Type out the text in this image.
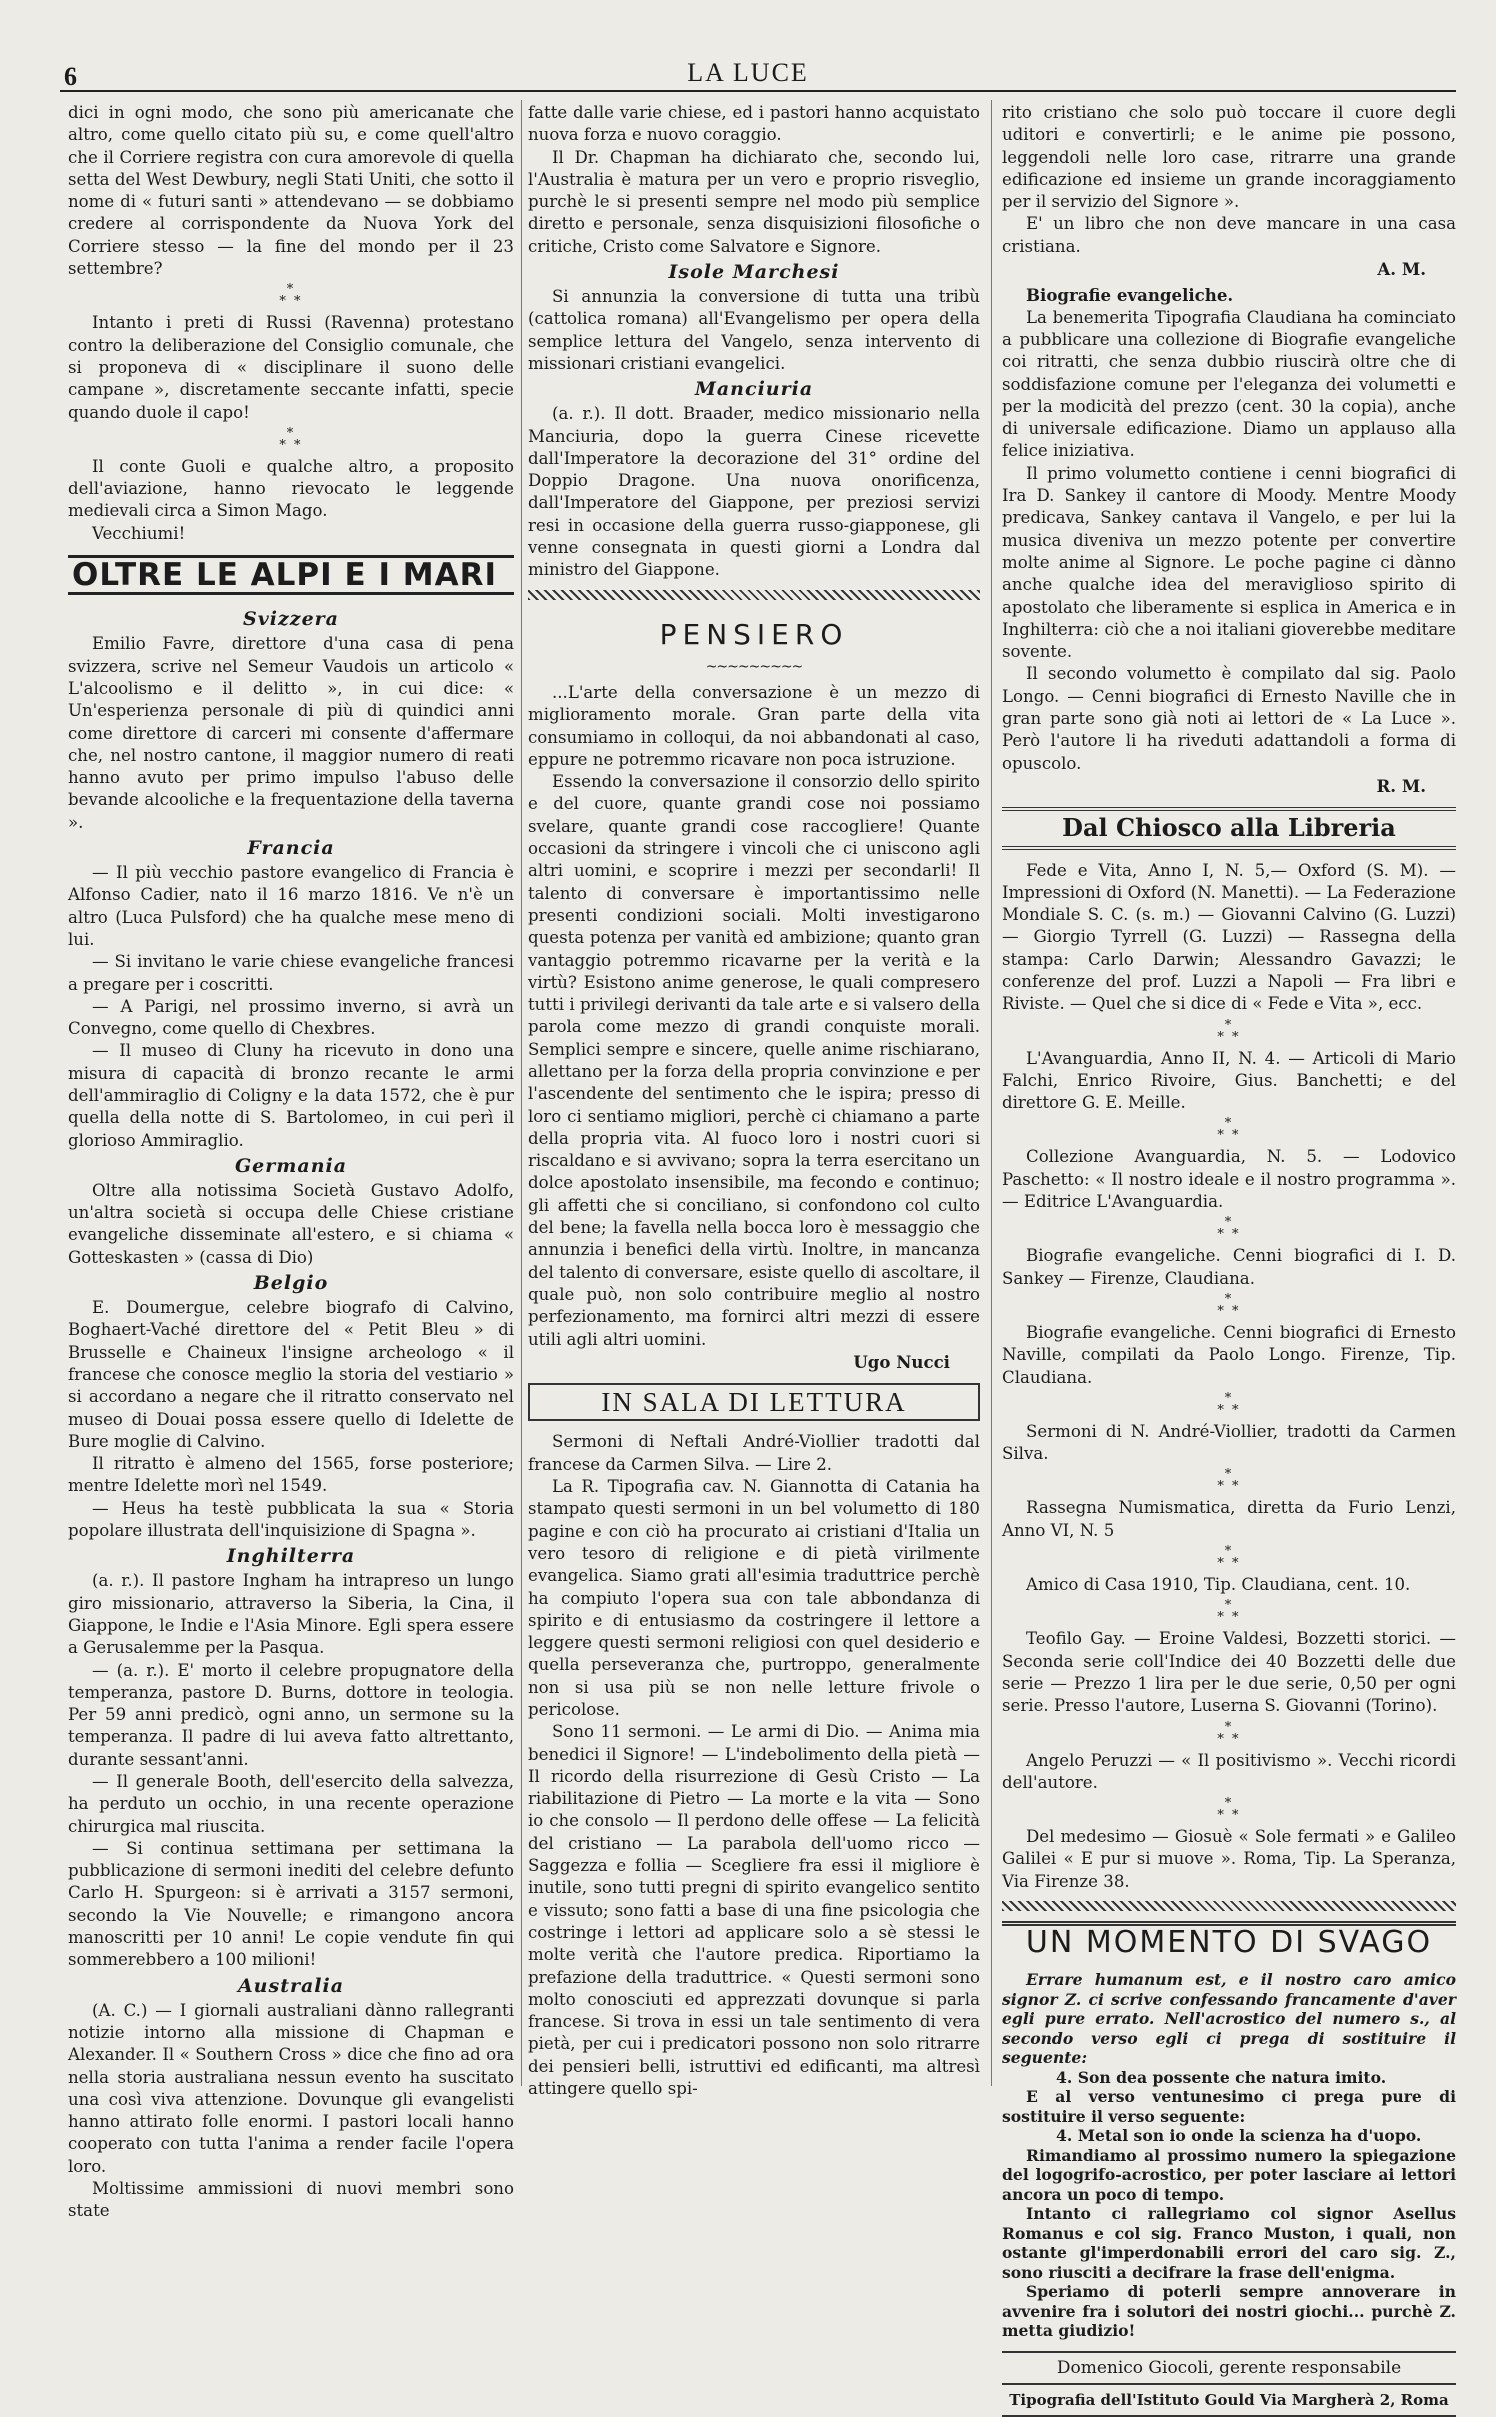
6	LA LUCE

dici in ogni modo, che sono più americanate che altro, come quello citato più su, e come quell'altro che il Corriere registra con cura amorevole di quella setta del West Dewbury, negli Stati Uniti, che sotto il nome di « futuri santi » attendevano — se dobbiamo credere al corrispondente da Nuova York del Corriere stesso — la fine del mondo per il 23 settembre?

*
* *

Intanto i preti di Russi (Ravenna) protestano contro la deliberazione del Consiglio comunale, che si proponeva di « disciplinare il suono delle campane », discretamente seccante infatti, specie quando duole il capo!

*
* *

Il conte Guoli e qualche altro, a proposito dell'aviazione, hanno rievocato le leggende medievali circa a Simon Mago.

Vecchiumi!

OLTRE LE ALPI E I MARI
Svizzera

Emilio Favre, direttore d'una casa di pena svizzera, scrive nel Semeur Vaudois un articolo « L'alcoolismo e il delitto », in cui dice: « Un'esperienza personale di più di quindici anni come direttore di carceri mi consente d'affermare che, nel nostro cantone, il maggior numero di reati hanno avuto per primo impulso l'abuso delle bevande alcooliche e la frequentazione della taverna ».

Francia

— Il più vecchio pastore evangelico di Francia è Alfonso Cadier, nato il 16 marzo 1816. Ve n'è un altro (Luca Pulsford) che ha qualche mese meno di lui.

— Si invitano le varie chiese evangeliche francesi a pregare per i coscritti.

— A Parigi, nel prossimo inverno, si avrà un Convegno, come quello di Chexbres.

— Il museo di Cluny ha ricevuto in dono una misura di capacità di bronzo recante le armi dell'ammiraglio di Coligny e la data 1572, che è pur quella della notte di S. Bartolomeo, in cui perì il glorioso Ammiraglio.

Germania

Oltre alla notissima Società Gustavo Adolfo, un'altra società si occupa delle Chiese cristiane evangeliche disseminate all'estero, e si chiama « Gotteskasten » (cassa di Dio)

Belgio

E. Doumergue, celebre biografo di Calvino, Boghaert-Vaché direttore del « Petit Bleu » di Brusselle e Chaineux l'insigne archeologo « il francese che conosce meglio la storia del vestiario » si accordano a negare che il ritratto conservato nel museo di Douai possa essere quello di Idelette de Bure moglie di Calvino.

Il ritratto è almeno del 1565, forse posteriore; mentre Idelette morì nel 1549.

— Heus ha testè pubblicata la sua « Storia popolare illustrata dell'inquisizione di Spagna ».

Inghilterra

(a. r.). Il pastore Ingham ha intrapreso un lungo giro missionario, attraverso la Siberia, la Cina, il Giappone, le Indie e l'Asia Minore. Egli spera essere a Gerusalemme per la Pasqua.

— (a. r.). E' morto il celebre propugnatore della temperanza, pastore D. Burns, dottore in teologia. Per 59 anni predicò, ogni anno, un sermone su la temperanza. Il padre di lui aveva fatto altrettanto, durante sessant'anni.

— Il generale Booth, dell'esercito della salvezza, ha perduto un occhio, in una recente operazione chirurgica mal riuscita.

— Si continua settimana per settimana la pubblicazione di sermoni inediti del celebre defunto Carlo H. Spurgeon: si è arrivati a 3157 sermoni, secondo la Vie Nouvelle; e rimangono ancora manoscritti per 10 anni! Le copie vendute fin qui sommerebbero a 100 milioni!

Australia

(A. C.) — I giornali australiani dànno rallegranti notizie intorno alla missione di Chapman e Alexander. Il « Southern Cross » dice che fino ad ora nella storia australiana nessun evento ha suscitato una così viva attenzione. Dovunque gli evangelisti hanno attirato folle enormi. I pastori locali hanno cooperato con tutta l'anima a render facile l'opera loro.

Moltissime ammissioni di nuovi membri sono state

fatte dalle varie chiese, ed i pastori hanno acquistato nuova forza e nuovo coraggio.

Il Dr. Chapman ha dichiarato che, secondo lui, l'Australia è matura per un vero e proprio risveglio, purchè le si presenti sempre nel modo più semplice diretto e personale, senza disquisizioni filosofiche o critiche, Cristo come Salvatore e Signore.

Isole Marchesi

Si annunzia la conversione di tutta una tribù (cattolica romana) all'Evangelismo per opera della semplice lettura del Vangelo, senza intervento di missionari cristiani evangelici.

Manciuria

(a. r.). Il dott. Braader, medico missionario nella Manciuria, dopo la guerra Cinese ricevette dall'Imperatore la decorazione del 31° ordine del Doppio Dragone. Una nuova onorificenza, dall'Imperatore del Giappone, per preziosi servizi resi in occasione della guerra russo-giapponese, gli venne consegnata in questi giorni a Londra dal ministro del Giappone.

PENSIERO
~~~~~~~~~

...L'arte della conversazione è un mezzo di miglioramento morale. Gran parte della vita consumiamo in colloqui, da noi abbandonati al caso, eppure ne potremmo ricavare non poca istruzione.

Essendo la conversazione il consorzio dello spirito e del cuore, quante grandi cose noi possiamo svelare, quante grandi cose raccogliere! Quante occasioni da stringere i vincoli che ci uniscono agli altri uomini, e scoprire i mezzi per secondarli! Il talento di conversare è importantissimo nelle presenti condizioni sociali. Molti investigarono questa potenza per vanità ed ambizione; quanto gran vantaggio potremmo ricavarne per la verità e la virtù? Esistono anime generose, le quali compresero tutti i privilegi derivanti da tale arte e si valsero della parola come mezzo di grandi conquiste morali. Semplici sempre e sincere, quelle anime rischiarano, allettano per la forza della propria convinzione e per l'ascendente del sentimento che le ispira; presso di loro ci sentiamo migliori, perchè ci chiamano a parte della propria vita. Al fuoco loro i nostri cuori si riscaldano e si avvivano; sopra la terra esercitano un dolce apostolato insensibile, ma fecondo e continuo; gli affetti che si conciliano, si confondono col culto del bene; la favella nella bocca loro è messaggio che annunzia i benefici della virtù. Inoltre, in mancanza del talento di conversare, esiste quello di ascoltare, il quale può, non solo contribuire meglio al nostro perfezionamento, ma fornirci altri mezzi di essere utili agli altri uomini.

Ugo Nucci
IN SALA DI LETTURA

Sermoni di Neftali André-Viollier tradotti dal francese da Carmen Silva. — Lire 2.

La R. Tipografia cav. N. Giannotta di Catania ha stampato questi sermoni in un bel volumetto di 180 pagine e con ciò ha procurato ai cristiani d'Italia un vero tesoro di religione e di pietà virilmente evangelica. Siamo grati all'esimia traduttrice perchè ha compiuto l'opera sua con tale abbondanza di spirito e di entusiasmo da costringere il lettore a leggere questi sermoni religiosi con quel desiderio e quella perseveranza che, purtroppo, generalmente non si usa più se non nelle letture frivole o pericolose.

Sono 11 sermoni. — Le armi di Dio. — Anima mia benedici il Signore! — L'indebolimento della pietà — Il ricordo della risurrezione di Gesù Cristo — La riabilitazione di Pietro — La morte e la vita — Sono io che consolo — Il perdono delle offese — La felicità del cristiano — La parabola dell'uomo ricco — Saggezza e follia — Scegliere fra essi il migliore è inutile, sono tutti pregni di spirito evangelico sentito e vissuto; sono fatti a base di una fine psicologia che costringe i lettori ad applicare solo a sè stessi le molte verità che l'autore predica. Riportiamo la prefazione della traduttrice. « Questi sermoni sono molto conosciuti ed apprezzati dovunque si parla francese. Si trova in essi un tale sentimento di vera pietà, per cui i predicatori possono non solo ritrarre dei pensieri belli, istruttivi ed edificanti, ma altresì attingere quello spi-

rito cristiano che solo può toccare il cuore degli uditori e convertirli; e le anime pie possono, leggendoli nelle loro case, ritrarre una grande edificazione ed insieme un grande incoraggiamento per il servizio del Signore ».

E' un libro che non deve mancare in una casa cristiana.

A. M.

Biografie evangeliche.

La benemerita Tipografia Claudiana ha cominciato a pubblicare una collezione di Biografie evangeliche coi ritratti, che senza dubbio riuscirà oltre che di soddisfazione comune per l'eleganza dei volumetti e per la modicità del prezzo (cent. 30 la copia), anche di universale edificazione. Diamo un applauso alla felice iniziativa.

Il primo volumetto contiene i cenni biografici di Ira D. Sankey il cantore di Moody. Mentre Moody predicava, Sankey cantava il Vangelo, e per lui la musica diveniva un mezzo potente per convertire molte anime al Signore. Le poche pagine ci dànno anche qualche idea del meraviglioso spirito di apostolato che liberamente si esplica in America e in Inghilterra: ciò che a noi italiani gioverebbe meditare sovente.

Il secondo volumetto è compilato dal sig. Paolo Longo. — Cenni biografici di Ernesto Naville che in gran parte sono già noti ai lettori de « La Luce ». Però l'autore li ha riveduti adattandoli a forma di opuscolo.

R. M.
Dal Chiosco alla Libreria

Fede e Vita, Anno I, N. 5,— Oxford (S. M). — Impressioni di Oxford (N. Manetti). — La Federazione Mondiale S. C. (s. m.) — Giovanni Calvino (G. Luzzi) — Giorgio Tyrrell (G. Luzzi) — Rassegna della stampa: Carlo Darwin; Alessandro Gavazzi; le conferenze del prof. Luzzi a Napoli — Fra libri e Riviste. — Quel che si dice di « Fede e Vita », ecc.

*
* *

L'Avanguardia, Anno II, N. 4. — Articoli di Mario Falchi, Enrico Rivoire, Gius. Banchetti; e del direttore G. E. Meille.

*
* *

Collezione Avanguardia, N. 5. — Lodovico Paschetto: « Il nostro ideale e il nostro programma ». — Editrice L'Avanguardia.

*
* *

Biografie evangeliche. Cenni biografici di I. D. Sankey — Firenze, Claudiana.

*
* *

Biografie evangeliche. Cenni biografici di Ernesto Naville, compilati da Paolo Longo. Firenze, Tip. Claudiana.

*
* *

Sermoni di N. André-Viollier, tradotti da Carmen Silva.

*
* *

Rassegna Numismatica, diretta da Furio Lenzi, Anno VI, N. 5

*
* *

Amico di Casa 1910, Tip. Claudiana, cent. 10.

*
* *

Teofilo Gay. — Eroine Valdesi, Bozzetti storici. — Seconda serie coll'Indice dei 40 Bozzetti delle due serie — Prezzo 1 lira per le due serie, 0,50 per ogni serie. Presso l'autore, Luserna S. Giovanni (Torino).

*
* *

Angelo Peruzzi — « Il positivismo ». Vecchi ricordi dell'autore.

*
* *

Del medesimo — Giosuè « Sole fermati » e Galileo Galilei « E pur si muove ». Roma, Tip. La Speranza, Via Firenze 38.

UN MOMENTO DI SVAGO

Errare humanum est, e il nostro caro amico signor Z. ci scrive confessando francamente d'aver egli pure errato. Nell'acrostico del numero s., al secondo verso egli ci prega di sostituire il seguente:

4. Son dea possente che natura imito.

E al verso ventunesimo ci prega pure di sostituire il verso seguente:

4. Metal son io onde la scienza ha d'uopo.

Rimandiamo al prossimo numero la spiegazione del logogrifo-acrostico, per poter lasciare ai lettori ancora un poco di tempo.

Intanto ci rallegriamo col signor Asellus Romanus e col sig. Franco Muston, i quali, non ostante gl'imperdonabili errori del caro sig. Z., sono riusciti a decifrare la frase dell'enigma.

Speriamo di poterli sempre annoverare in avvenire fra i solutori dei nostri giochi... purchè Z. metta giudizio!

Domenico Giocoli, gerente responsabile
Tipografia dell'Istituto Gould Via Margherà 2, Roma
